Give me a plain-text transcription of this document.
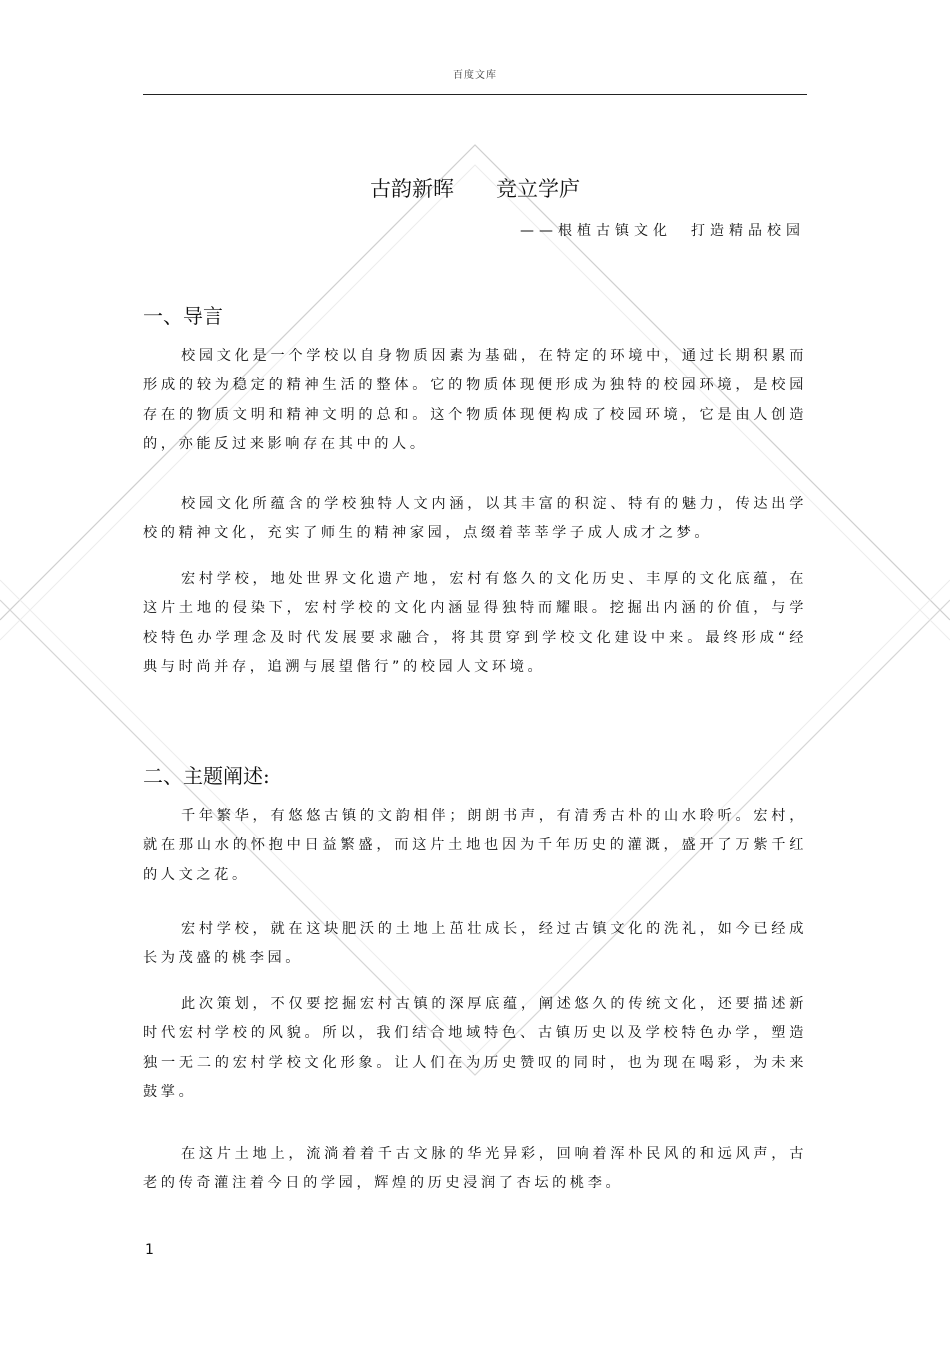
百度文库
古韵新晖　　竞立学庐
——根植古镇文化　打造精品校园
一、导言

校园文化是一个学校以自身物质因素为基础，在特定的环境中，通过长期积累而形成的较为稳定的精神生活的整体。它的物质体现便形成为独特的校园环境，是校园存在的物质文明和精神文明的总和。这个物质体现便构成了校园环境，它是由人创造的，亦能反过来影响存在其中的人。

校园文化所蕴含的学校独特人文内涵，以其丰富的积淀、特有的魅力，传达出学校的精神文化，充实了师生的精神家园，点缀着莘莘学子成人成才之梦。

宏村学校，地处世界文化遗产地，宏村有悠久的文化历史、丰厚的文化底蕴，在这片土地的侵染下，宏村学校的文化内涵显得独特而耀眼。挖掘出内涵的价值，与学校特色办学理念及时代发展要求融合，将其贯穿到学校文化建设中来。最终形成“经典与时尚并存，追溯与展望偕行”的校园人文环境。

二、主题阐述:

千年繁华，有悠悠古镇的文韵相伴；朗朗书声，有清秀古朴的山水聆听。宏村，就在那山水的怀抱中日益繁盛，而这片土地也因为千年历史的灌溉，盛开了万紫千红的人文之花。

宏村学校，就在这块肥沃的土地上茁壮成长，经过古镇文化的洗礼，如今已经成长为茂盛的桃李园。

此次策划，不仅要挖掘宏村古镇的深厚底蕴，阐述悠久的传统文化，还要描述新时代宏村学校的风貌。所以，我们结合地域特色、古镇历史以及学校特色办学，塑造独一无二的宏村学校文化形象。让人们在为历史赞叹的同时，也为现在喝彩，为未来鼓掌。

在这片土地上，流淌着着千古文脉的华光异彩，回响着浑朴民风的和远风声，古老的传奇灌注着今日的学园，辉煌的历史浸润了杏坛的桃李。

1
